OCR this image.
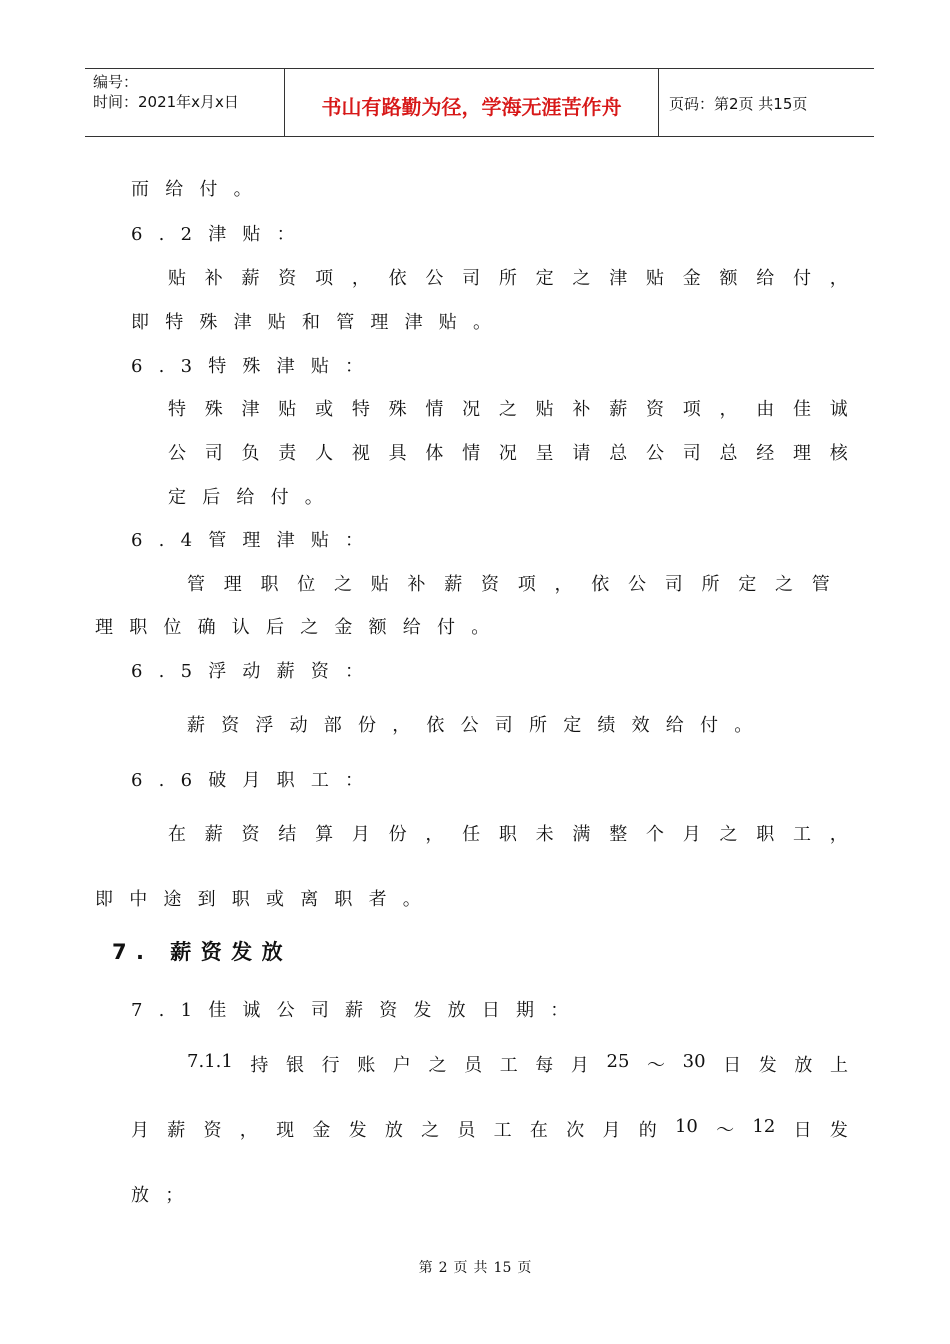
编号：
时间：2021年x月x日	书山有路勤为径，学海无涯苦作舟	页码：第2页 共15页
而给付。
6.2津贴：
贴 补 薪 资 项 ， 依 公 司 所 定 之 津 贴 金 额 给 付 ，
即特殊津贴和管理津贴。
6.3特殊津贴：
特 殊 津 贴 或 特 殊 情 况 之 贴 补 薪 资 项 ， 由 佳 诚
公 司 负 责 人 视 具 体 情 况 呈 请 总 公 司 总 经 理 核
定后给付。
6.4管理津贴：
管 理 职 位 之 贴 补 薪 资 项 ， 依 公 司 所 定 之 管
理职位确认后之金额给付。
6.5浮动薪资：
薪资浮动部份，依公司所定绩效给付。
6.6破月职工：
在 薪 资 结 算 月 份 ， 任 职 未 满 整 个 月 之 职 工 ，
即中途到职或离职者。
7. 薪资发放
7.1佳诚公司薪资发放日期：
7.1.1 持 银 行 账 户 之 员 工 每 月 25 ～ 30 日 发 放 上
月 薪 资 ， 现 金 发 放 之 员 工 在 次 月 的 10 ～ 12 日 发
放；
第 2 页 共 15 页
